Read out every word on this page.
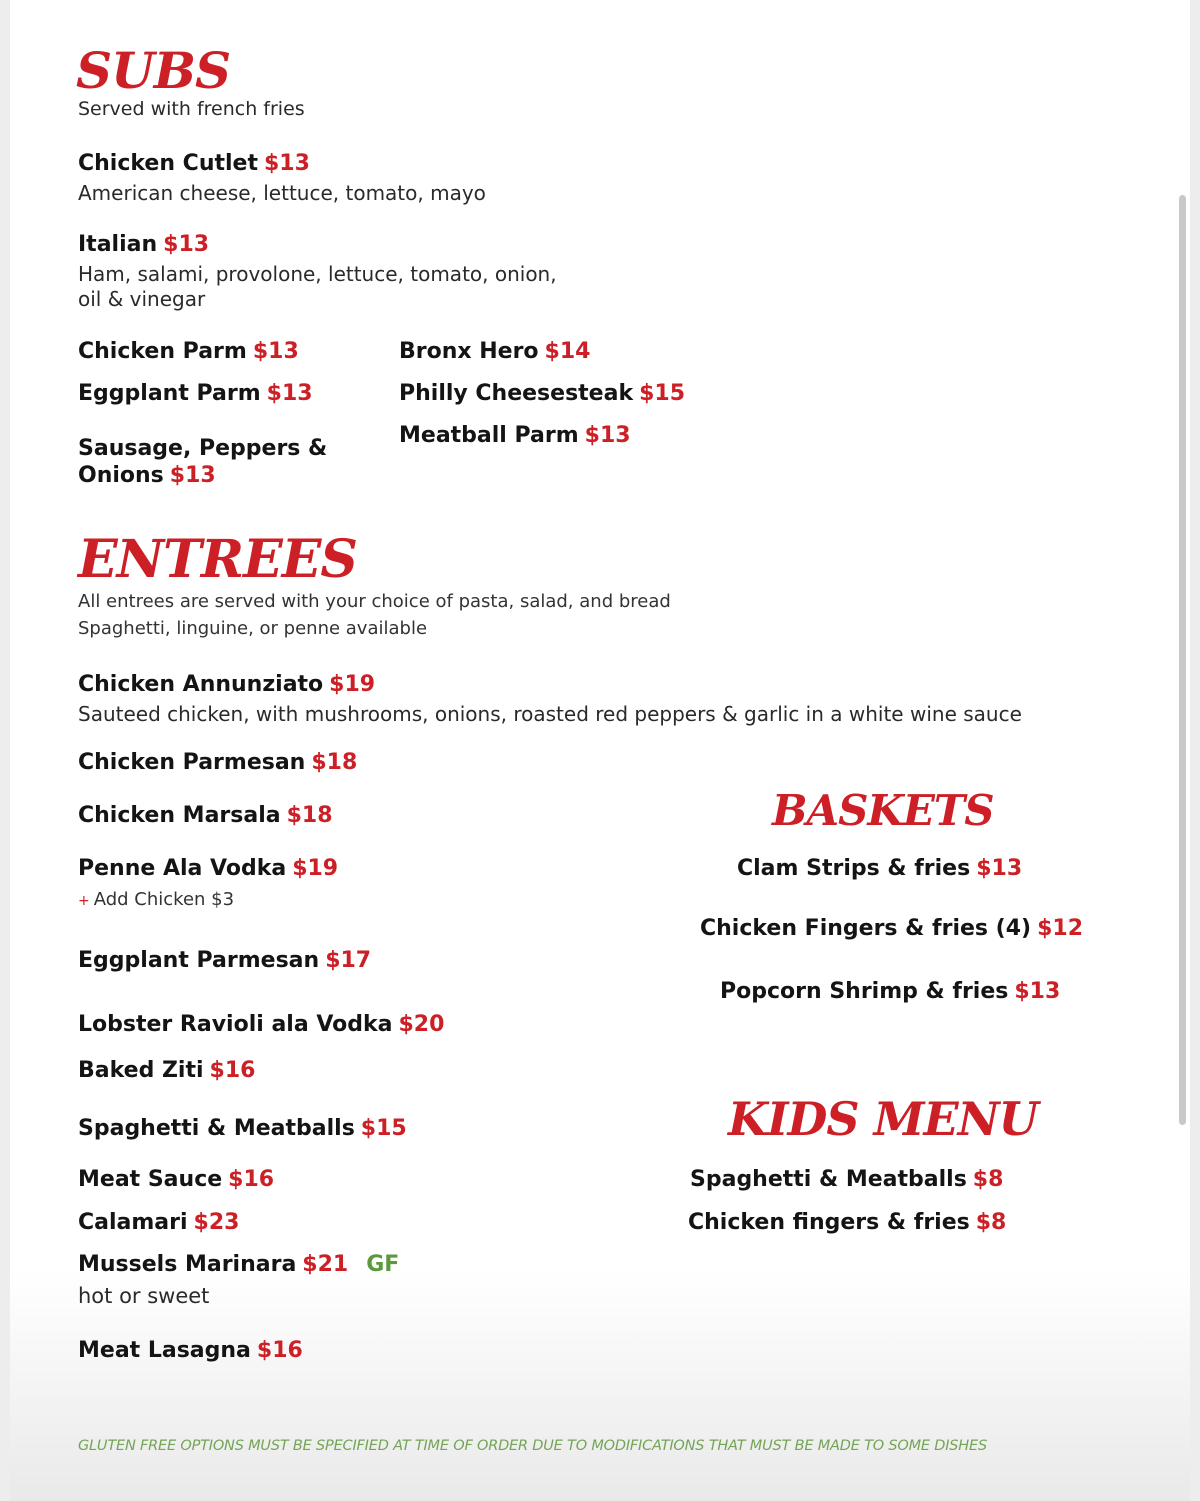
SUBS
Served with french fries
Chicken Cutlet $13
American cheese, lettuce, tomato, mayo
Italian $13
Ham, salami, provolone, lettuce, tomato, onion,
oil & vinegar
Chicken Parm $13
Eggplant Parm $13
Sausage, Peppers & Onions $13
Bronx Hero $14
Philly Cheesesteak $15
Meatball Parm $13
ENTREES
All entrees are served with your choice of pasta, salad, and bread
Spaghetti, linguine, or penne available
Chicken Annunziato $19
Sauteed chicken, with mushrooms, onions, roasted red peppers & garlic in a white wine sauce
Chicken Parmesan $18
Chicken Marsala $18
Penne Ala Vodka $19
+ Add Chicken $3
Eggplant Parmesan $17
Lobster Ravioli ala Vodka $20
Baked Ziti $16
Spaghetti & Meatballs $15
Meat Sauce $16
Calamari $23
Mussels Marinara $21 GF
hot or sweet
Meat Lasagna $16
BASKETS
Clam Strips & fries $13
Chicken Fingers & fries (4) $12
Popcorn Shrimp & fries $13
KIDS MENU
Spaghetti & Meatballs $8
Chicken fingers & fries $8
GLUTEN FREE OPTIONS MUST BE SPECIFIED AT TIME OF ORDER DUE TO MODIFICATIONS THAT MUST BE MADE TO SOME DISHES
